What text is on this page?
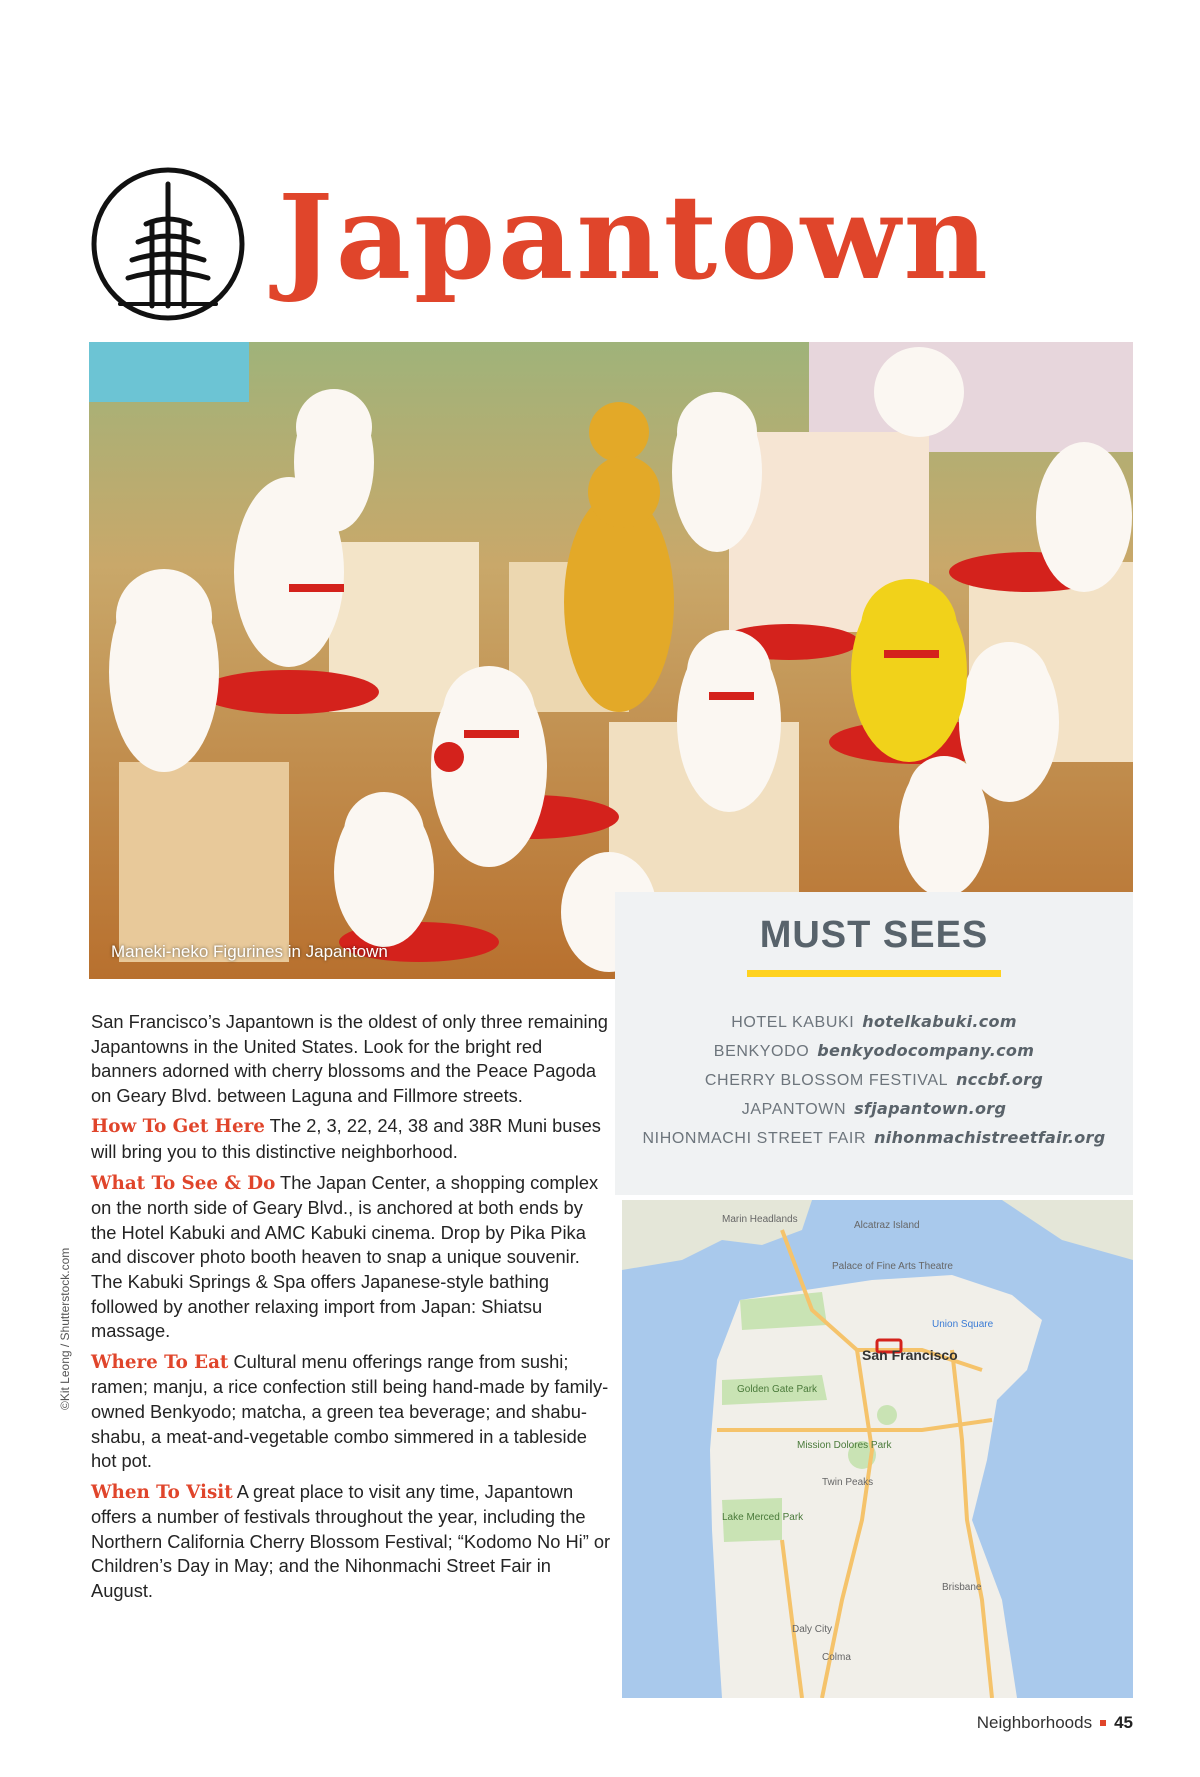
Japantown
Maneki-neko Figurines in Japantown	MUST SEES
HOTEL KABUKI hotelkabuki.com
BENKYODO benkyodocompany.com
CHERRY BLOSSOM FESTIVAL nccbf.org
JAPANTOWN sfjapantown.org
NIHONMACHI STREET FAIR nihonmachistreetfair.org

San Francisco’s Japantown is the oldest of only three remaining Japantowns in the United States. Look for the bright red banners adorned with cherry blossoms and the Peace Pagoda on Geary Blvd. between Laguna and Fillmore streets.

How To Get Here The 2, 3, 22, 24, 38 and 38R Muni buses will bring you to this distinctive neighborhood.

What To See & Do The Japan Center, a shopping complex on the north side of Geary Blvd., is anchored at both ends by the Hotel Kabuki and AMC Kabuki cinema. Drop by Pika Pika and discover photo booth heaven to snap a unique souvenir. The Kabuki Springs & Spa offers Japanese-style bathing followed by another relaxing import from Japan: Shiatsu massage.

Where To Eat Cultural menu offerings range from sushi; ramen; manju, a rice confection still being hand-made by family-owned Benkyodo; matcha, a green tea beverage; and shabu-shabu, a meat-and-vegetable combo simmered in a tableside hot pot.

When To Visit A great place to visit any time, Japantown offers a number of festivals throughout the year, including the Northern California Cherry Blossom Festival; “Kodomo No Hi” or Children’s Day in May; and the Nihonmachi Street Fair in August.

©Kit Leong / Shutterstock.com
Marin Headlands
Alcatraz Island
Palace of Fine Arts Theatre
Union Square
Golden Gate Park
Mission Dolores Park
Twin Peaks
Lake Merced Park
Daly City
Colma
Brisbane
San Francisco
Neighborhoods 45
